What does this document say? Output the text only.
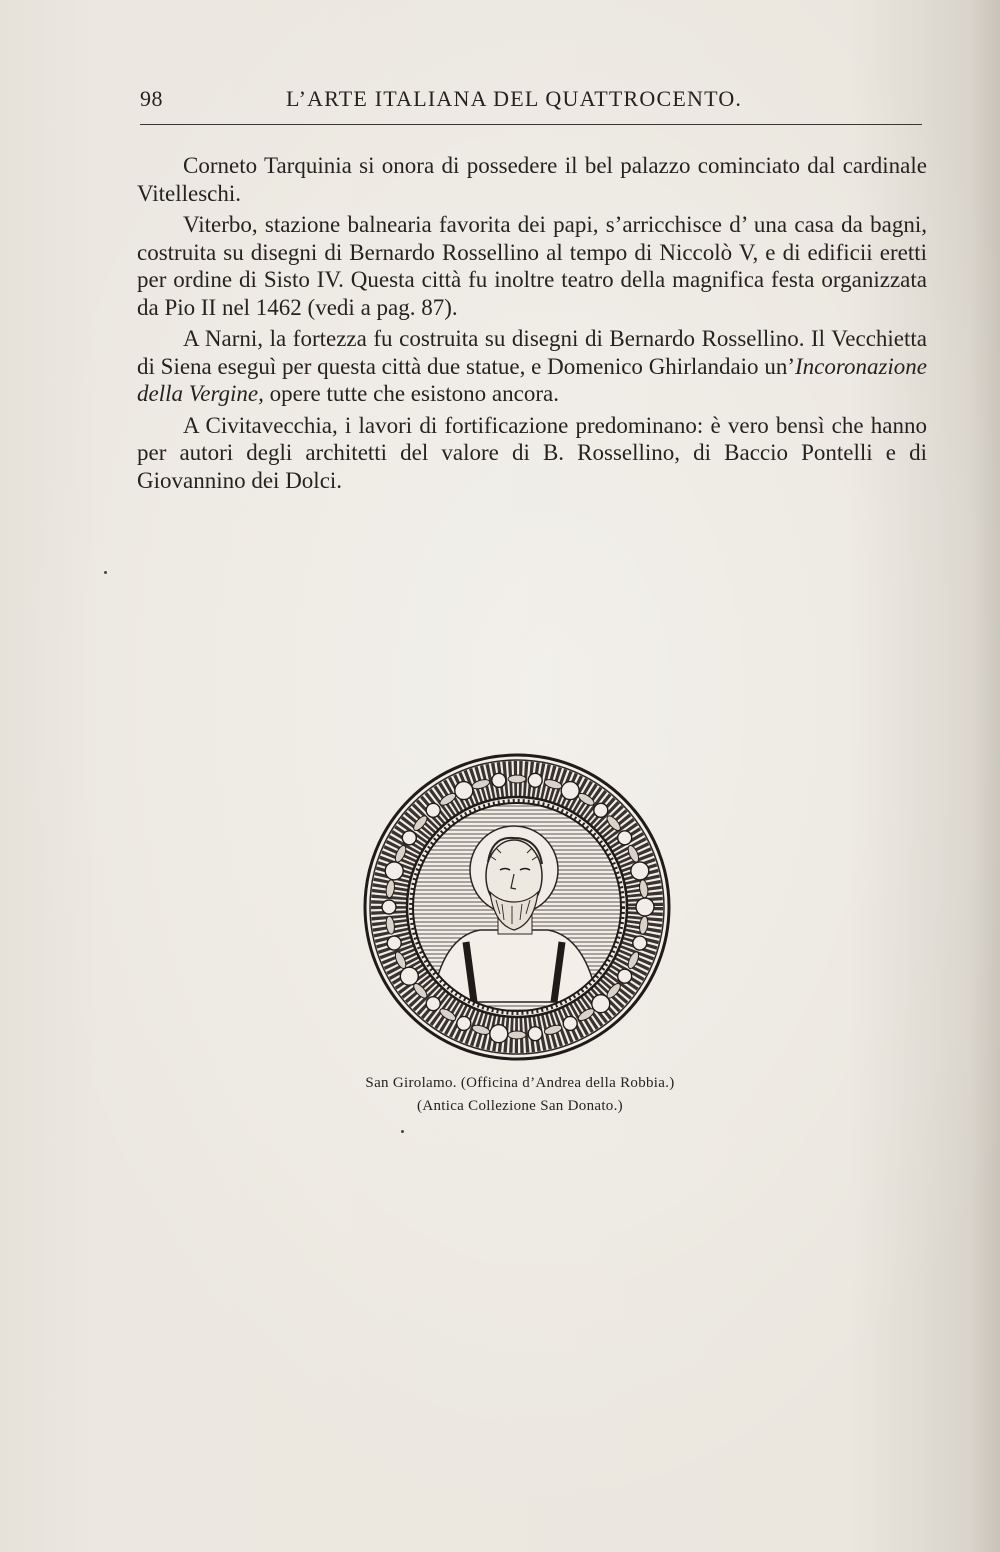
98	L’ARTE ITALIANA DEL QUATTROCENTO.

Corneto Tarquinia si onora di possedere il bel palazzo cominciato dal cardinale Vitelleschi.

Viterbo, stazione balnearia favorita dei papi, s’arricchisce d’ una casa da bagni, costruita su disegni di Bernardo Rossellino al tempo di Niccolò V, e di edificii eretti per ordine di Sisto IV. Questa città fu inoltre teatro della magnifica festa organizzata da Pio II nel 1462 (vedi a pag. 87).

A Narni, la fortezza fu costruita su disegni di Bernardo Rossellino. Il Vecchietta di Siena eseguì per questa città due statue, e Domenico Ghirlandaio un’Incoronazione della Vergine, opere tutte che esistono ancora.

A Civitavecchia, i lavori di fortificazione predominano: è vero bensì che hanno per autori degli architetti del valore di B. Rossellino, di Baccio Pontelli e di Giovannino dei Dolci.

San Girolamo. (Officina d’Andrea della Robbia.)
(Antica Collezione San Donato.)
